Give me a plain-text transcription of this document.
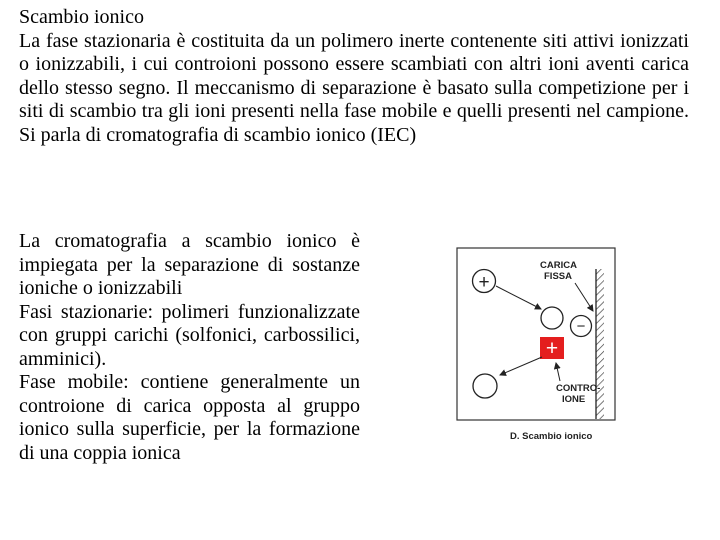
Scambio ionico

La fase stazionaria è costituita da un polimero inerte contenente siti attivi ionizzati o ionizzabili, i cui controioni possono essere scambiati con altri ioni aventi carica dello stesso segno. Il meccanismo di separazione è basato sulla competizione per i siti di scambio tra gli ioni presenti nella fase mobile e quelli presenti nel campione. Si parla di cromatografia di scambio ionico (IEC)

La cromatografia a scambio ionico è impiegata per la separazione di sostanze ioniche o ionizzabili

Fasi stazionarie: polimeri funzionalizzate con gruppi carichi (solfonici, carbossilici, amminici).

Fase mobile: contiene generalmente un controione di carica opposta al gruppo ionico sulla superficie, per la formazione di una coppia ionica

CARICA
FISSA
−
+
+
CONTRO-
IONE
D. Scambio ionico
